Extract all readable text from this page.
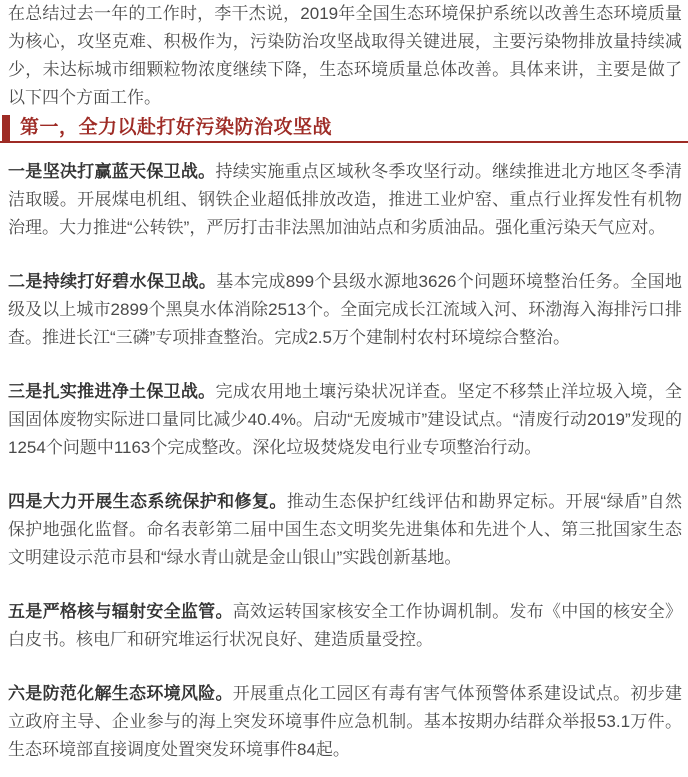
在总结过去一年的工作时，李干杰说，2019年全国生态环境保护系统以改善生态环境质量为核心，攻坚克难、积极作为，污染防治攻坚战取得关键进展，主要污染物排放量持续减少，未达标城市细颗粒物浓度继续下降，生态环境质量总体改善。具体来讲，主要是做了以下四个方面工作。

第一，全力以赴打好污染防治攻坚战

一是坚决打赢蓝天保卫战。持续实施重点区域秋冬季攻坚行动。继续推进北方地区冬季清洁取暖。开展煤电机组、钢铁企业超低排放改造，推进工业炉窑、重点行业挥发性有机物治理。大力推进“公转铁”，严厉打击非法黑加油站点和劣质油品。强化重污染天气应对。

二是持续打好碧水保卫战。基本完成899个县级水源地3626个问题环境整治任务。全国地级及以上城市2899个黑臭水体消除2513个。全面完成长江流域入河、环渤海入海排污口排查。推进长江“三磷”专项排查整治。完成2.5万个建制村农村环境综合整治。

三是扎实推进净土保卫战。完成农用地土壤污染状况详查。坚定不移禁止洋垃圾入境，全国固体废物实际进口量同比减少40.4%。启动“无废城市”建设试点。“清废行动2019”发现的1254个问题中1163个完成整改。深化垃圾焚烧发电行业专项整治行动。

四是大力开展生态系统保护和修复。推动生态保护红线评估和勘界定标。开展“绿盾”自然保护地强化监督。命名表彰第二届中国生态文明奖先进集体和先进个人、第三批国家生态文明建设示范市县和“绿水青山就是金山银山”实践创新基地。

五是严格核与辐射安全监管。高效运转国家核安全工作协调机制。发布《中国的核安全》白皮书。核电厂和研究堆运行状况良好、建造质量受控。

六是防范化解生态环境风险。开展重点化工园区有毒有害气体预警体系建设试点。初步建立政府主导、企业参与的海上突发环境事件应急机制。基本按期办结群众举报53.1万件。生态环境部直接调度处置突发环境事件84起。
